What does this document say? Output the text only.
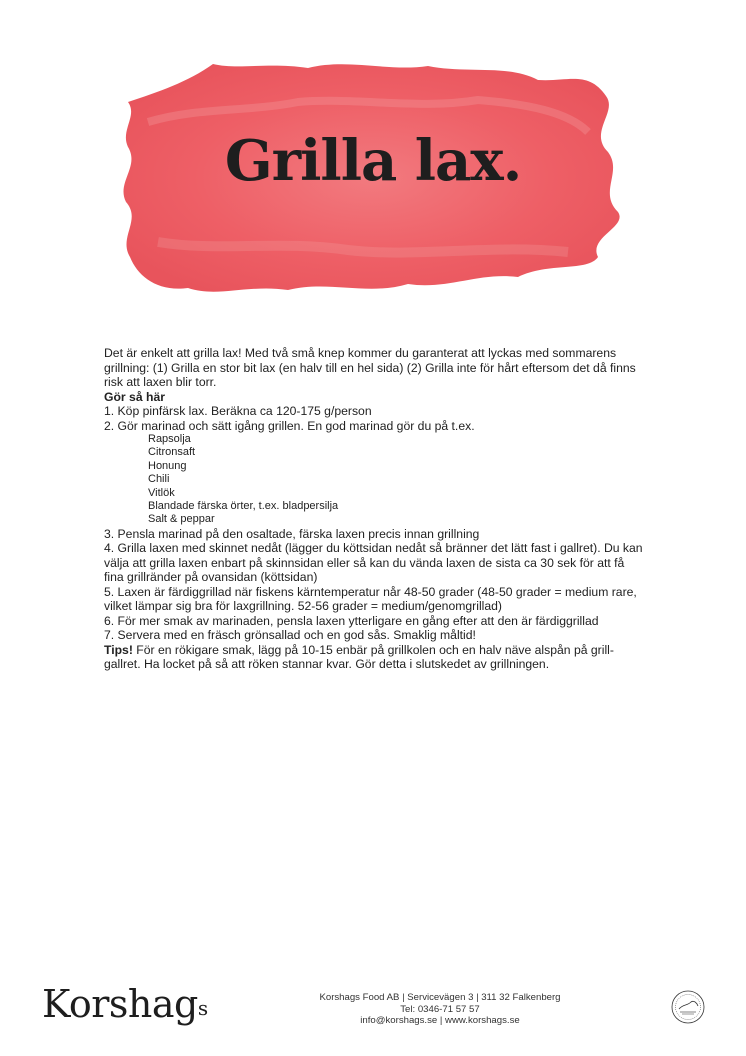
Grilla lax.

Det är enkelt att grilla lax! Med två små knep kommer du garanterat att lyckas med sommarens grillning: (1) Grilla en stor bit lax (en halv till en hel sida) (2) Grilla inte för hårt eftersom det då finns risk att laxen blir torr.

Gör så här

1. Köp pinfärsk lax. Beräkna ca 120-175 g/person

2. Gör marinad och sätt igång grillen. En god marinad gör du på t.ex.

Rapsolja
Citronsaft
Honung
Chili
Vitlök
Blandade färska örter, t.ex. bladpersilja
Salt & peppar

3. Pensla marinad på den osaltade, färska laxen precis innan grillning

4. Grilla laxen med skinnet nedåt (lägger du köttsidan nedåt så bränner det lätt fast i gallret). Du kan välja att grilla laxen enbart på skinnsidan eller så kan du vända laxen de sista ca 30 sek för att få fina grillränder på ovansidan (köttsidan)

5. Laxen är färdiggrillad när fiskens kärntemperatur når 48-50 grader (48-50 grader = medium rare, vilket lämpar sig bra för laxgrillning. 52-56 grader = medium/genomgrillad)

6. För mer smak av marinaden, pensla laxen ytterligare en gång efter att den är färdiggrillad

7. Servera med en fräsch grönsallad och en god sås. Smaklig måltid!

Tips! För en rökigare smak, lägg på 10-15 enbär på grillkolen och en halv näve alspån på grill-gallret. Ha locket på så att röken stannar kvar. Gör detta i slutskedet av grillningen.

Korshag$_s$	Korshags Food AB | Servicevägen 3 | 311 32 Falkenberg
Tel: 0346-71 57 57
info@korshags.se | www.korshags.se
